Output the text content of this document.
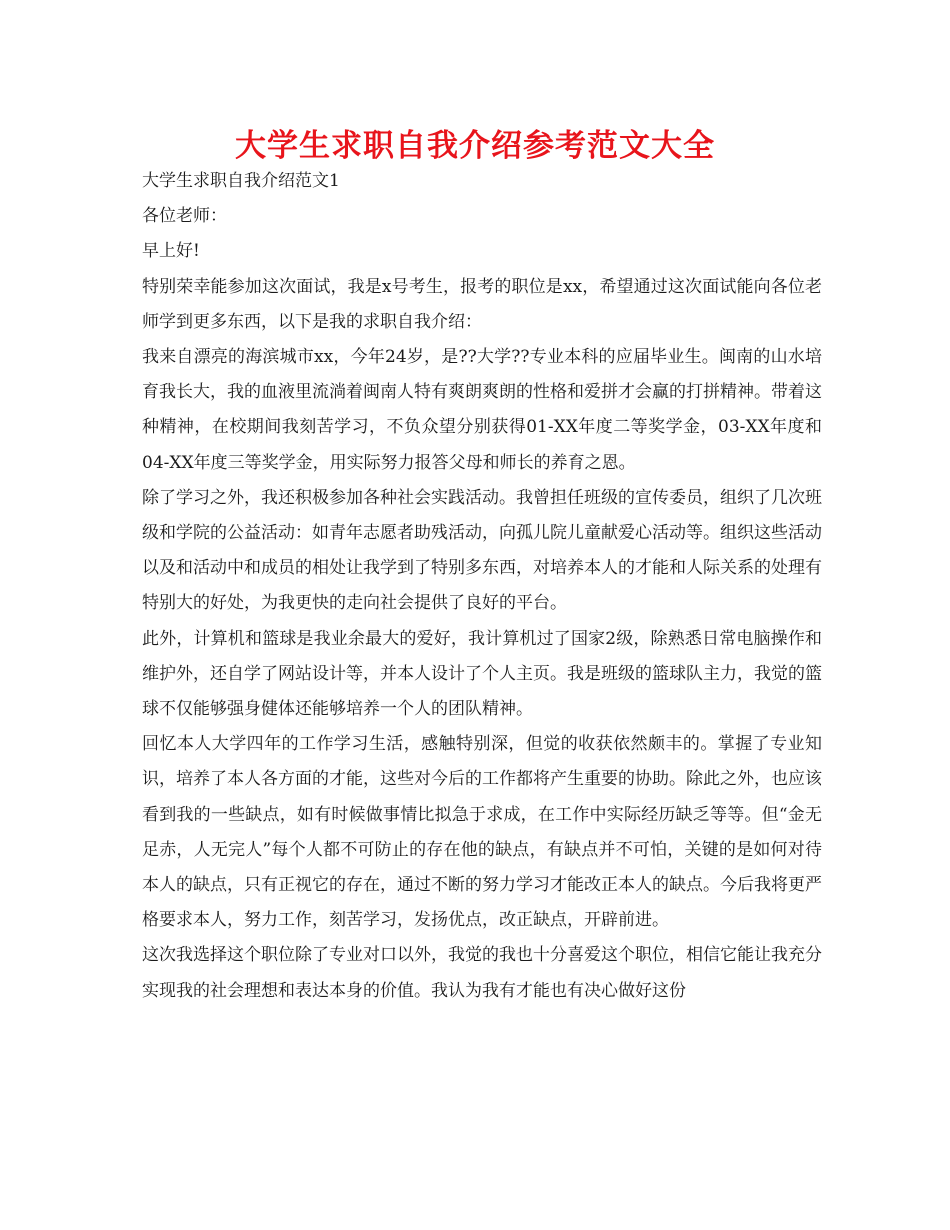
大学生求职自我介绍参考范文大全

大学生求职自我介绍范文1

各位老师：

早上好!

特别荣幸能参加这次面试，我是x号考生，报考的职位是xx，希望通过这次面试能向各位老师学到更多东西，以下是我的求职自我介绍：

我来自漂亮的海滨城市xx，今年24岁，是??大学??专业本科的应届毕业生。闽南的山水培育我长大，我的血液里流淌着闽南人特有爽朗爽朗的性格和爱拼才会赢的打拼精神。带着这种精神，在校期间我刻苦学习，不负众望分别获得01-XX年度二等奖学金，03-XX年度和04-XX年度三等奖学金，用实际努力报答父母和师长的养育之恩。

除了学习之外，我还积极参加各种社会实践活动。我曾担任班级的宣传委员，组织了几次班级和学院的公益活动：如青年志愿者助残活动，向孤儿院儿童献爱心活动等。组织这些活动以及和活动中和成员的相处让我学到了特别多东西，对培养本人的才能和人际关系的处理有特别大的好处，为我更快的走向社会提供了良好的平台。

此外，计算机和篮球是我业余最大的爱好，我计算机过了国家2级，除熟悉日常电脑操作和维护外，还自学了网站设计等，并本人设计了个人主页。我是班级的篮球队主力，我觉的篮球不仅能够强身健体还能够培养一个人的团队精神。

回忆本人大学四年的工作学习生活，感触特别深，但觉的收获依然颇丰的。掌握了专业知识，培养了本人各方面的才能，这些对今后的工作都将产生重要的协助。除此之外，也应该看到我的一些缺点，如有时候做事情比拟急于求成，在工作中实际经历缺乏等等。但“金无足赤，人无完人”每个人都不可防止的存在他的缺点，有缺点并不可怕，关键的是如何对待本人的缺点，只有正视它的存在，通过不断的努力学习才能改正本人的缺点。今后我将更严格要求本人，努力工作，刻苦学习，发扬优点，改正缺点，开辟前进。

这次我选择这个职位除了专业对口以外，我觉的我也十分喜爱这个职位，相信它能让我充分实现我的社会理想和表达本身的价值。我认为我有才能也有决心做好这份
